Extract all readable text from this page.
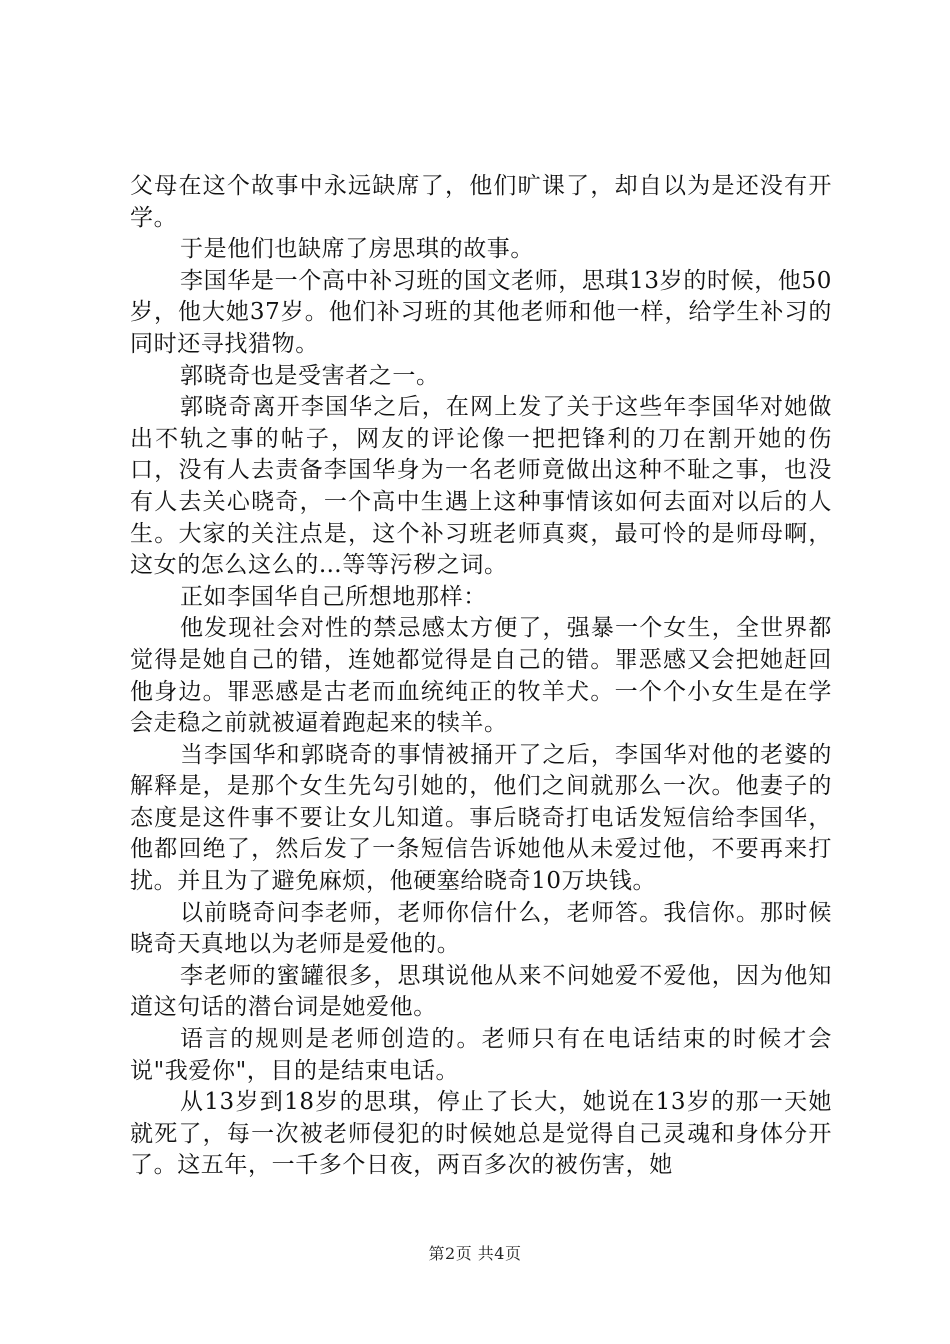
父母在这个故事中永远缺席了，他们旷课了，却自以为是还没有开学。

于是他们也缺席了房思琪的故事。

李国华是一个高中补习班的国文老师，思琪13岁的时候，他50岁，他大她37岁。他们补习班的其他老师和他一样，给学生补习的同时还寻找猎物。

郭晓奇也是受害者之一。

郭晓奇离开李国华之后，在网上发了关于这些年李国华对她做出不轨之事的帖子，网友的评论像一把把锋利的刀在割开她的伤口，没有人去责备李国华身为一名老师竟做出这种不耻之事，也没有人去关心晓奇，一个高中生遇上这种事情该如何去面对以后的人生。大家的关注点是，这个补习班老师真爽，最可怜的是师母啊，这女的怎么这么的…等等污秽之词。

正如李国华自己所想地那样：

他发现社会对性的禁忌感太方便了，强暴一个女生，全世界都觉得是她自己的错，连她都觉得是自己的错。罪恶感又会把她赶回他身边。罪恶感是古老而血统纯正的牧羊犬。一个个小女生是在学会走稳之前就被逼着跑起来的犊羊。

当李国华和郭晓奇的事情被捅开了之后，李国华对他的老婆的解释是，是那个女生先勾引她的，他们之间就那么一次。他妻子的态度是这件事不要让女儿知道。事后晓奇打电话发短信给李国华，他都回绝了，然后发了一条短信告诉她他从未爱过他，不要再来打扰。并且为了避免麻烦，他硬塞给晓奇10万块钱。

以前晓奇问李老师，老师你信什么，老师答。我信你。那时候晓奇天真地以为老师是爱他的。

李老师的蜜罐很多，思琪说他从来不问她爱不爱他，因为他知道这句话的潜台词是她爱他。

语言的规则是老师创造的。老师只有在电话结束的时候才会说"我爱你"，目的是结束电话。

从13岁到18岁的思琪，停止了长大，她说在13岁的那一天她就死了，每一次被老师侵犯的时候她总是觉得自己灵魂和身体分开了。这五年，一千多个日夜，两百多次的被伤害，她

第2页 共4页
